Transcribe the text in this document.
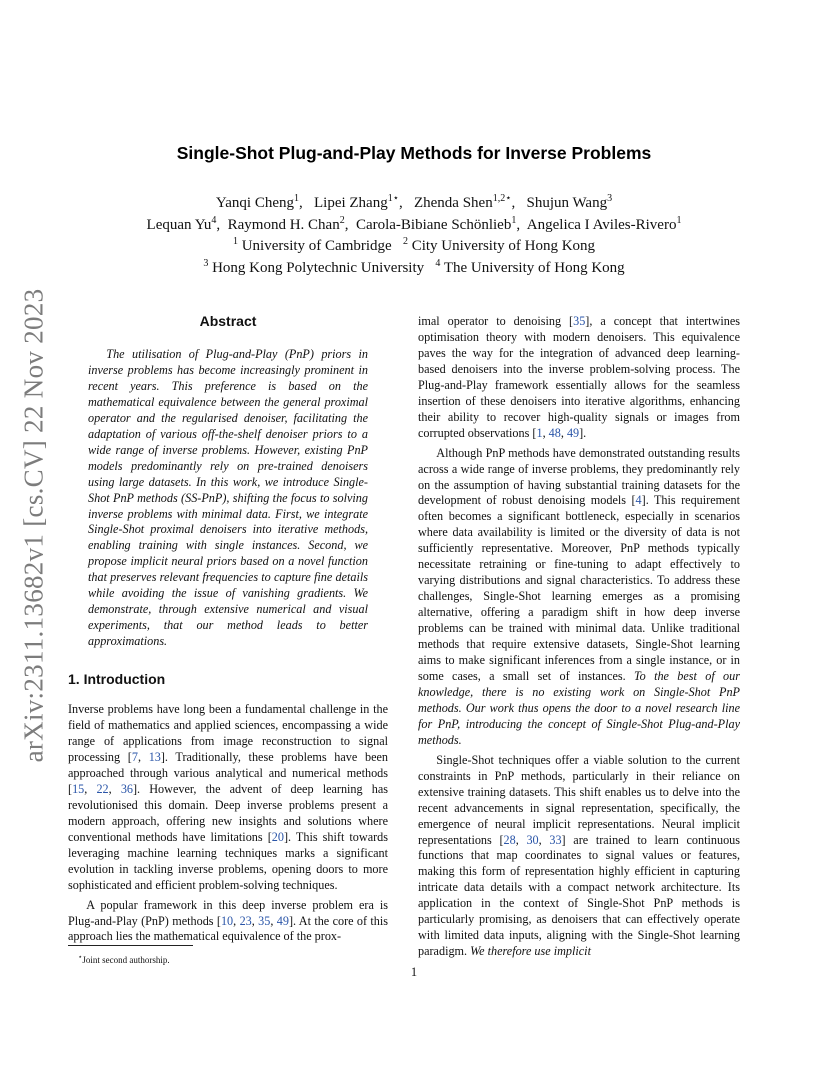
arXiv:2311.13682v1 [cs.CV] 22 Nov 2023
Single-Shot Plug-and-Play Methods for Inverse Problems
Yanqi Cheng$^1$,   Lipei Zhang$^{1⋆}$,   Zhenda Shen$^{1,2⋆}$,   Shujun Wang$^3$
Lequan Yu$^4$,  Raymond H. Chan$^2$,  Carola-Bibiane Schönlieb$^1$,  Angelica I Aviles-Rivero$^1$
$^1$ University of Cambridge $^2$ City University of Hong Kong
$^3$ Hong Kong Polytechnic University $^4$ The University of Hong Kong
Abstract

The utilisation of Plug-and-Play (PnP) priors in inverse problems has become increasingly prominent in recent years. This preference is based on the mathematical equivalence between the general proximal operator and the regularised denoiser, facilitating the adaptation of various off-the-shelf denoiser priors to a wide range of inverse problems. However, existing PnP models predominantly rely on pre-trained denoisers using large datasets. In this work, we introduce Single-Shot PnP methods (SS-PnP), shifting the focus to solving inverse problems with minimal data. First, we integrate Single-Shot proximal denoisers into iterative methods, enabling training with single instances. Second, we propose implicit neural priors based on a novel function that preserves relevant frequencies to capture fine details while avoiding the issue of vanishing gradients. We demonstrate, through extensive numerical and visual experiments, that our method leads to better approximations.

1. Introduction

Inverse problems have long been a fundamental challenge in the field of mathematics and applied sciences, encompassing a wide range of applications from image reconstruction to signal processing [7, 13]. Traditionally, these problems have been approached through various analytical and numerical methods [15, 22, 36]. However, the advent of deep learning has revolutionised this domain. Deep inverse problems present a modern approach, offering new insights and solutions where conventional methods have limitations [20]. This shift towards leveraging machine learning techniques marks a significant evolution in tackling inverse problems, opening doors to more sophisticated and efficient problem-solving techniques.

A popular framework in this deep inverse problem era is Plug-and-Play (PnP) methods [10, 23, 35, 49]. At the core of this approach lies the mathematical equivalence of the prox-

imal operator to denoising [35], a concept that intertwines optimisation theory with modern denoisers. This equivalence paves the way for the integration of advanced deep learning-based denoisers into the inverse problem-solving process. The Plug-and-Play framework essentially allows for the seamless insertion of these denoisers into iterative algorithms, enhancing their ability to recover high-quality signals or images from corrupted observations [1, 48, 49].

Although PnP methods have demonstrated outstanding results across a wide range of inverse problems, they predominantly rely on the assumption of having substantial training datasets for the development of robust denoising models [4]. This requirement often becomes a significant bottleneck, especially in scenarios where data availability is limited or the diversity of data is not sufficiently representative. Moreover, PnP methods typically necessitate retraining or fine-tuning to adapt effectively to varying distributions and signal characteristics. To address these challenges, Single-Shot learning emerges as a promising alternative, offering a paradigm shift in how deep inverse problems can be trained with minimal data. Unlike traditional methods that require extensive datasets, Single-Shot learning aims to make significant inferences from a single instance, or in some cases, a small set of instances. To the best of our knowledge, there is no existing work on Single-Shot PnP methods. Our work thus opens the door to a novel research line for PnP, introducing the concept of Single-Shot Plug-and-Play methods.

Single-Shot techniques offer a viable solution to the current constraints in PnP methods, particularly in their reliance on extensive training datasets. This shift enables us to delve into the recent advancements in signal representation, specifically, the emergence of neural implicit representations. Neural implicit representations [28, 30, 33] are trained to learn continuous functions that map coordinates to signal values or features, making this form of representation highly efficient in capturing intricate data details with a compact network architecture. Its application in the context of Single-Shot PnP methods is particularly promising, as denoisers that can effectively operate with limited data inputs, aligning with the Single-Shot learning paradigm. We therefore use implicit

⋆Joint second authorship.
1
